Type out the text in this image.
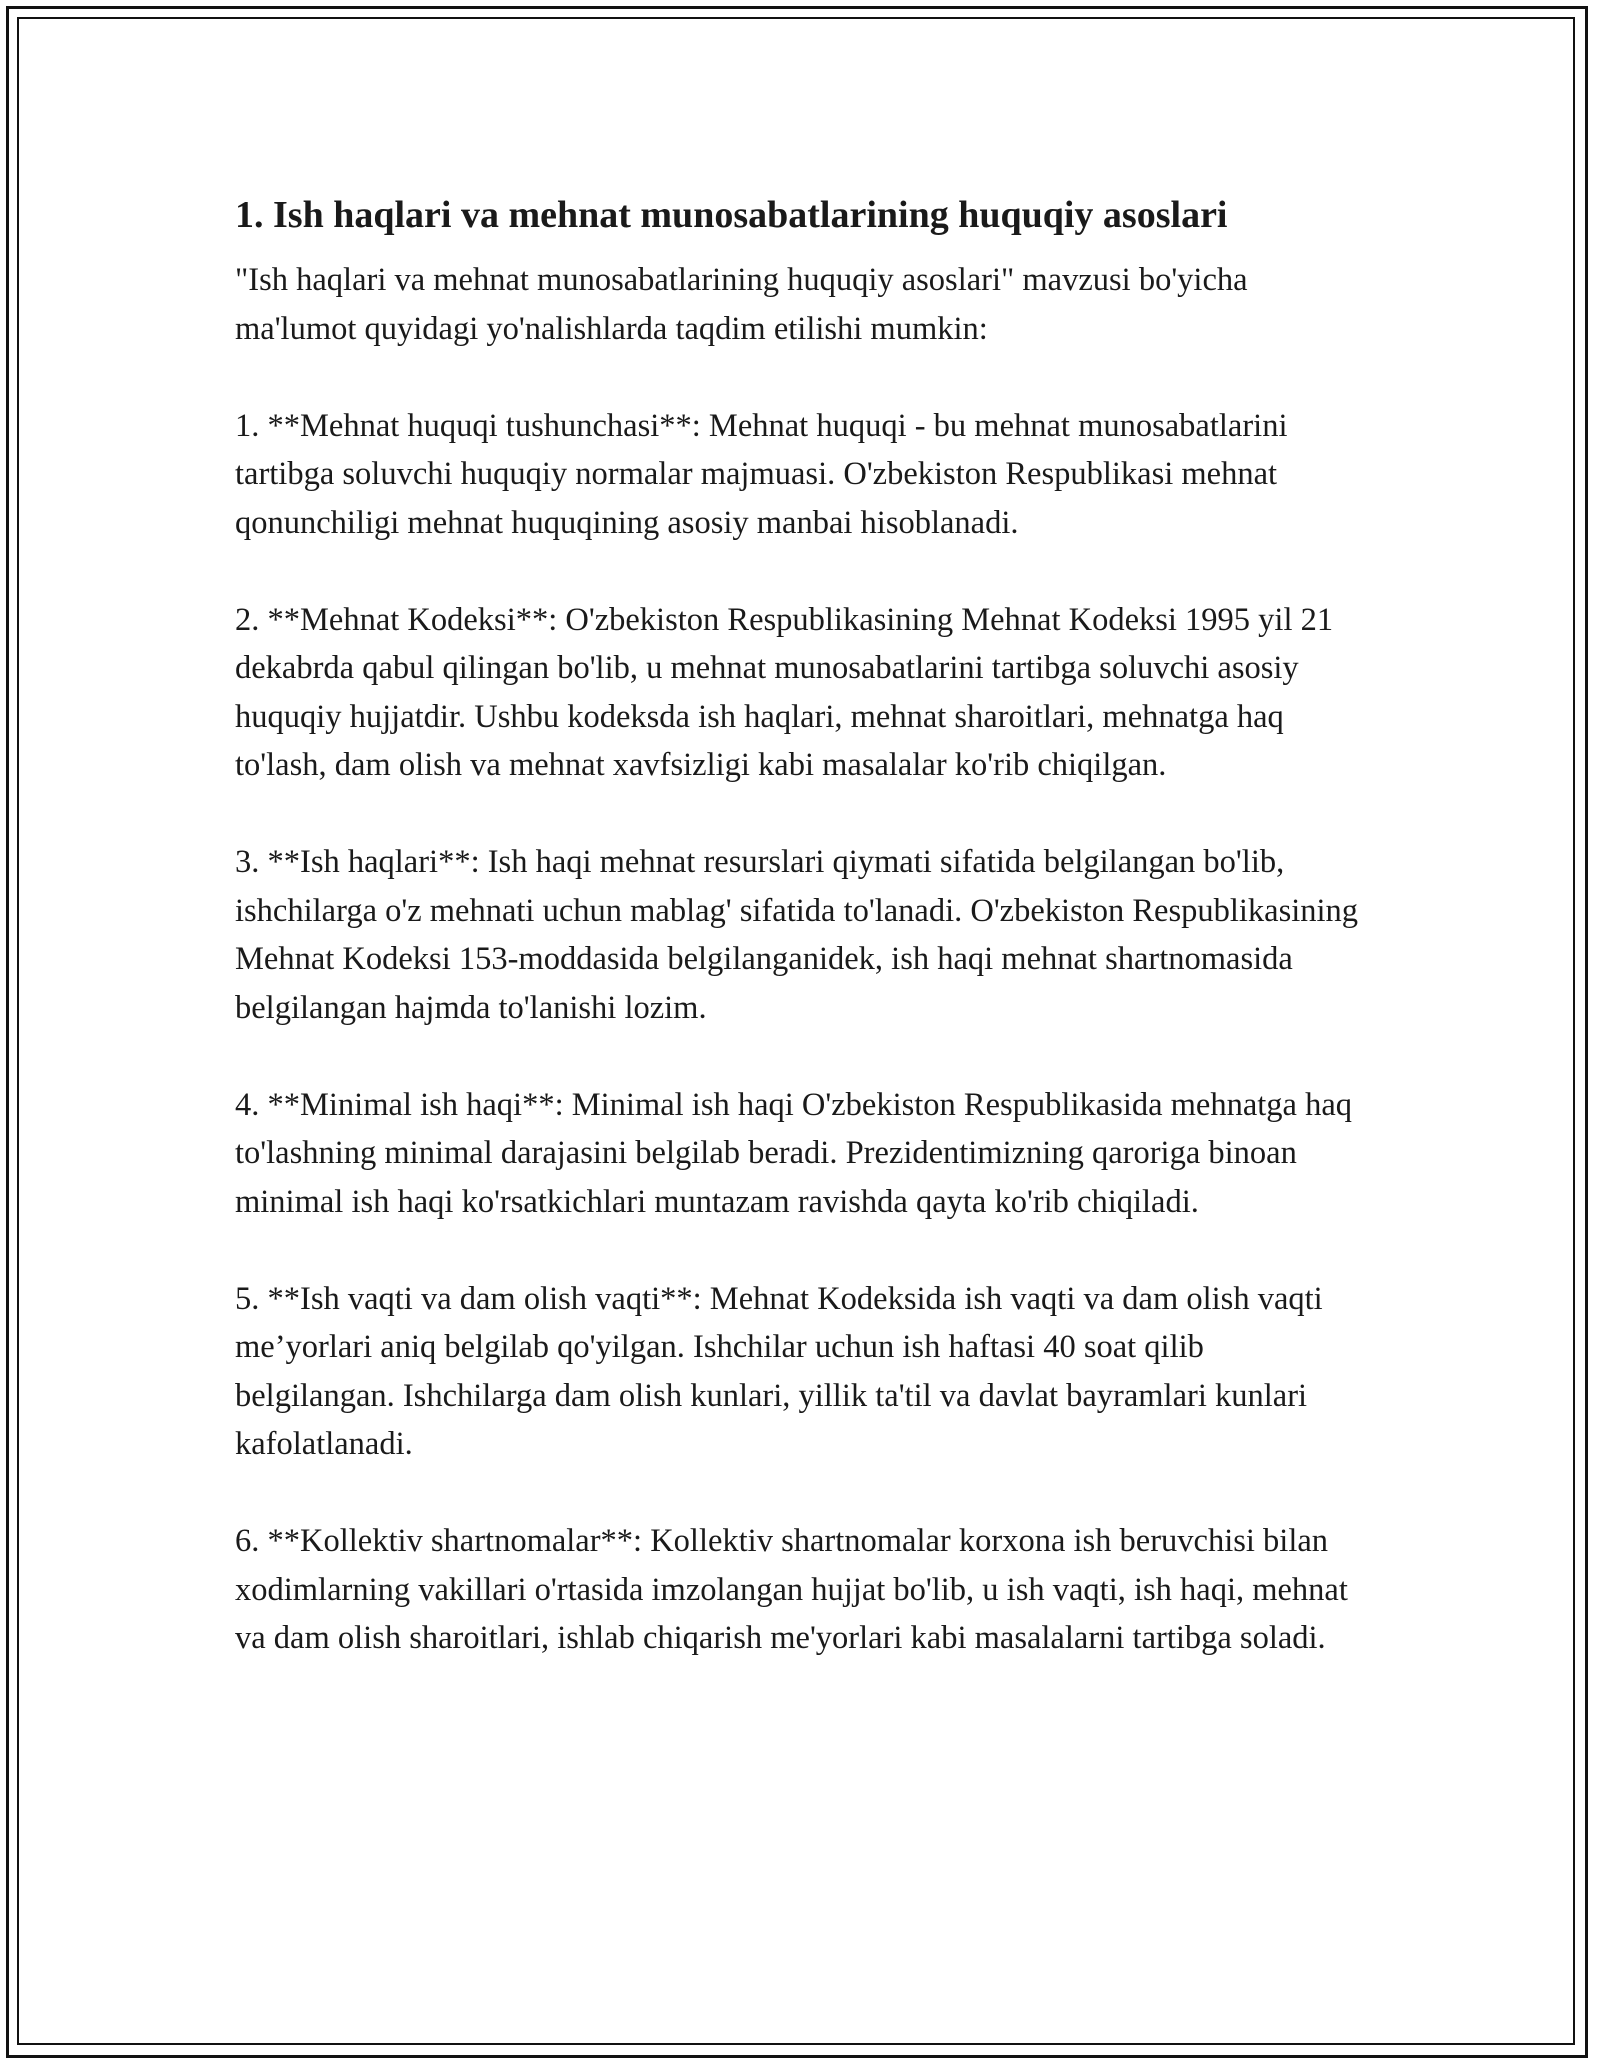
1. Ish haqlari va mehnat munosabatlarining huquqiy asoslari

"Ish haqlari va mehnat munosabatlarining huquqiy asoslari" mavzusi bo'yicha ma'lumot quyidagi yo'nalishlarda taqdim etilishi mumkin:

1. **Mehnat huquqi tushunchasi**: Mehnat huquqi - bu mehnat munosabatlarini tartibga soluvchi huquqiy normalar majmuasi. O'zbekiston Respublikasi mehnat qonunchiligi mehnat huquqining asosiy manbai hisoblanadi.

2. **Mehnat Kodeksi**: O'zbekiston Respublikasining Mehnat Kodeksi 1995 yil 21 dekabrda qabul qilingan bo'lib, u mehnat munosabatlarini tartibga soluvchi asosiy huquqiy hujjatdir. Ushbu kodeksda ish haqlari, mehnat sharoitlari, mehnatga haq to'lash, dam olish va mehnat xavfsizligi kabi masalalar ko'rib chiqilgan.

3. **Ish haqlari**: Ish haqi mehnat resurslari qiymati sifatida belgilangan bo'lib, ishchilarga o'z mehnati uchun mablag' sifatida to'lanadi. O'zbekiston Respublikasining Mehnat Kodeksi 153-moddasida belgilanganidek, ish haqi mehnat shartnomasida belgilangan hajmda to'lanishi lozim.

4. **Minimal ish haqi**: Minimal ish haqi O'zbekiston Respublikasida mehnatga haq to'lashning minimal darajasini belgilab beradi. Prezidentimizning qaroriga binoan minimal ish haqi ko'rsatkichlari muntazam ravishda qayta ko'rib chiqiladi.

5. **Ish vaqti va dam olish vaqti**: Mehnat Kodeksida ish vaqti va dam olish vaqti me’yorlari aniq belgilab qo'yilgan. Ishchilar uchun ish haftasi 40 soat qilib belgilangan. Ishchilarga dam olish kunlari, yillik ta'til va davlat bayramlari kunlari kafolatlanadi.

6. **Kollektiv shartnomalar**: Kollektiv shartnomalar korxona ish beruvchisi bilan xodimlarning vakillari o'rtasida imzolangan hujjat bo'lib, u ish vaqti, ish haqi, mehnat va dam olish sharoitlari, ishlab chiqarish me'yorlari kabi masalalarni tartibga soladi.
